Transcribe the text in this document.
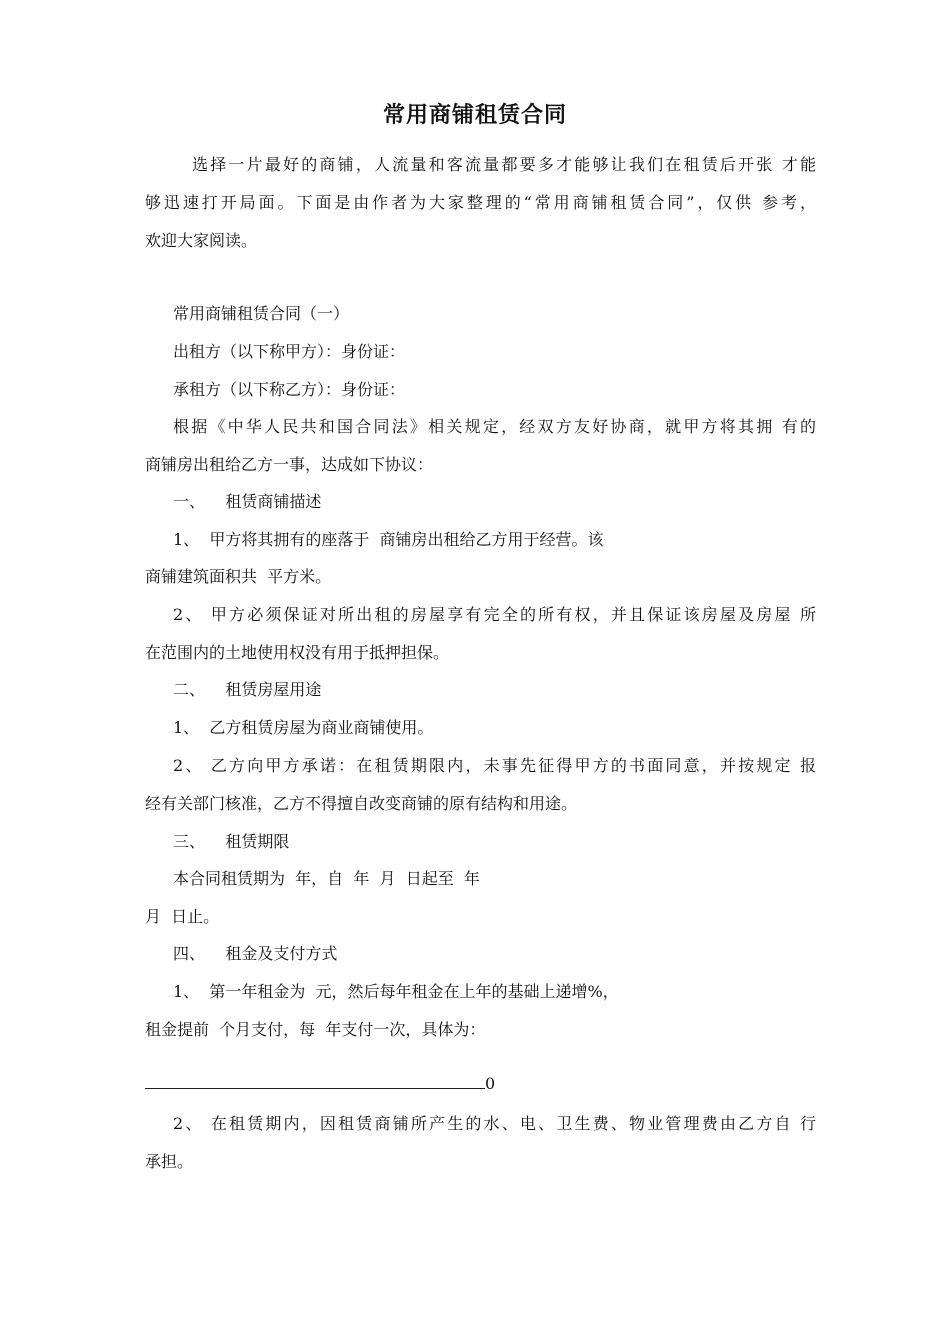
常用商铺租赁合同
选择一片最好的商铺，人流量和客流量都要多才能够让我们在租赁后开张 才能
够迅速打开局面。下面是由作者为大家整理的“常用商铺租赁合同”，仅供 参考，
欢迎大家阅读。
常用商铺租赁合同（一）
出租方（以下称甲方）：身份证：
承租方（以下称乙方）：身份证：
根据《中华人民共和国合同法》相关规定，经双方友好协商，就甲方将其拥 有的
商铺房出租给乙方一事，达成如下协议：
一、    租赁商铺描述
1、  甲方将其拥有的座落于  商铺房出租给乙方用于经营。该
商铺建筑面积共  平方米。
2、 甲方必须保证对所出租的房屋享有完全的所有权，并且保证该房屋及房屋 所
在范围内的土地使用权没有用于抵押担保。
二、    租赁房屋用途
1、  乙方租赁房屋为商业商铺使用。
2、 乙方向甲方承诺：在租赁期限内，未事先征得甲方的书面同意，并按规定 报
经有关部门核准，乙方不得擅自改变商铺的原有结构和用途。
三、    租赁期限
本合同租赁期为  年，自  年  月  日起至  年
月  日止。
四、    租金及支付方式
1、  第一年租金为  元，然后每年租金在上年的基础上递增%，
租金提前  个月支付，每  年支付一次，具体为：
0
2、 在租赁期内，因租赁商铺所产生的水、电、卫生费、物业管理费由乙方自 行
承担。
